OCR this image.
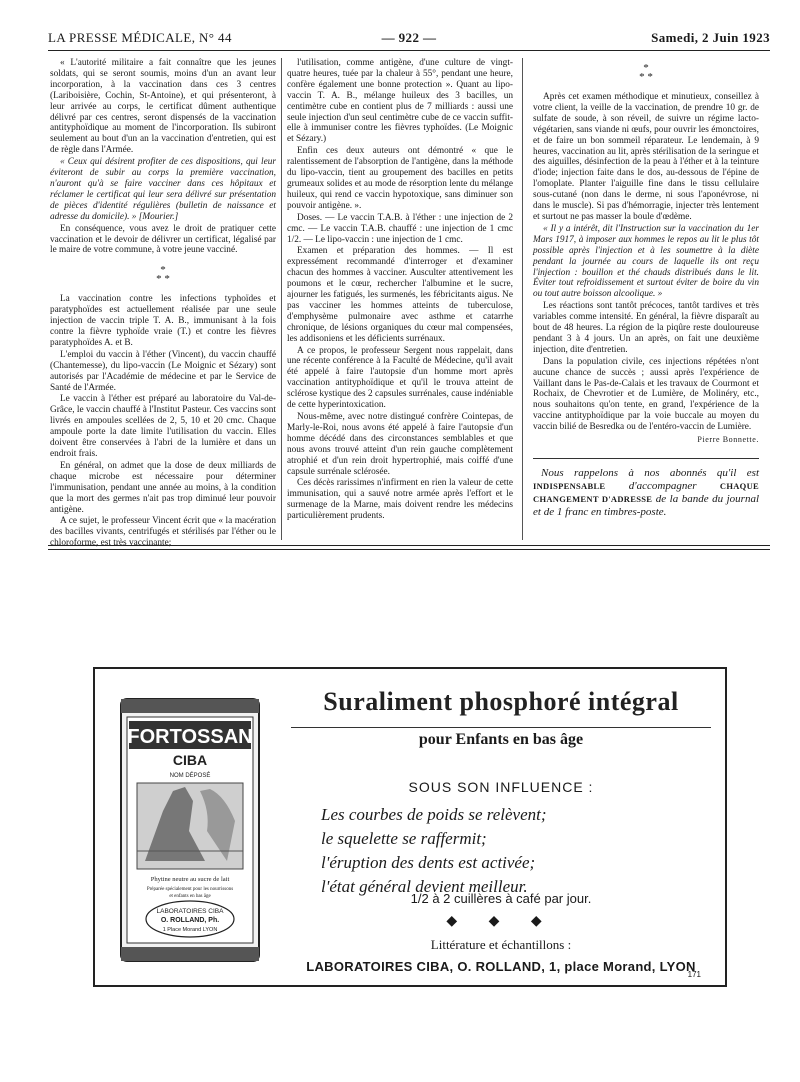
LA PRESSE MÉDICALE, N° 44	— 922 —	Samedi, 2 Juin 1923

« L'autorité militaire a fait connaître que les jeunes soldats, qui se seront soumis, moins d'un an avant leur incorporation, à la vaccination dans ces 3 centres (Lariboisière, Cochin, St-Antoine), et qui présenteront, à leur arrivée au corps, le certificat dûment authentique délivré par ces centres, seront dispensés de la vaccination antityphoïdique au moment de l'incorporation. Ils subiront seulement au bout d'un an la vaccination d'entretien, qui est de règle dans l'Armée.

« Ceux qui désirent profiter de ces dispositions, qui leur éviteront de subir au corps la première vaccination, n'auront qu'à se faire vacciner dans ces hôpitaux et réclamer le certificat qui leur sera délivré sur présentation de pièces d'identité régulières (bulletin de naissance et adresse du domicile). » [Mourier.]

En conséquence, vous avez le droit de pratiquer cette vaccination et le devoir de délivrer un certificat, légalisé par le maire de votre commune, à votre jeune vacciné.

*
* *

La vaccination contre les infections typhoïdes et paratyphoïdes est actuellement réalisée par une seule injection de vaccin triple T. A. B., immunisant à la fois contre la fièvre typhoïde vraie (T.) et contre les fièvres paratyphoïdes A. et B.

L'emploi du vaccin à l'éther (Vincent), du vaccin chauffé (Chantemesse), du lipo-vaccin (Le Moignic et Sézary) sont autorisés par l'Académie de médecine et par le Service de Santé de l'Armée.

Le vaccin à l'éther est préparé au laboratoire du Val-de-Grâce, le vaccin chauffé à l'Institut Pasteur. Ces vaccins sont livrés en ampoules scellées de 2, 5, 10 et 20 cmc. Chaque ampoule porte la date limite l'utilisation du vaccin. Elles doivent être conservées à l'abri de la lumière et dans un endroit frais.

En général, on admet que la dose de deux milliards de chaque microbe est nécessaire pour déterminer l'immunisation, pendant une année au moins, à la condition que la mort des germes n'ait pas trop diminué leur pouvoir antigène.

A ce sujet, le professeur Vincent écrit que « la macération des bacilles vivants, centrifugés et stérilisés par l'éther ou le chloroforme, est très vaccinante;

l'utilisation, comme antigène, d'une culture de vingt-quatre heures, tuée par la chaleur à 55°, pendant une heure, confère également une bonne protection ». Quant au lipo-vaccin T. A. B., mélange huileux des 3 bacilles, un centimètre cube en contient plus de 7 milliards : aussi une seule injection d'un seul centimètre cube de ce vaccin suffit-elle à immuniser contre les fièvres typhoïdes. (Le Moignic et Sézary.)

Enfin ces deux auteurs ont démontré « que le ralentissement de l'absorption de l'antigène, dans la méthode du lipo-vaccin, tient au groupement des bacilles en petits grumeaux solides et au mode de résorption lente du mélange huileux, qui rend ce vaccin hypotoxique, sans diminuer son pouvoir antigène. ».

Doses. — Le vaccin T.A.B. à l'éther : une injection de 2 cmc. — Le vaccin T.A.B. chauffé : une injection de 1 cmc 1/2. — Le lipo-vaccin : une injection de 1 cmc.

Examen et préparation des hommes. — Il est expressément recommandé d'interroger et d'examiner chacun des hommes à vacciner. Ausculter attentivement les poumons et le cœur, rechercher l'albumine et le sucre, ajourner les fatigués, les surmenés, les fébricitants aigus. Ne pas vacciner les hommes atteints de tuberculose, d'emphysème pulmonaire avec asthme et catarrhe chronique, de lésions organiques du cœur mal compensées, les addisoniens et les déficients surrénaux.

A ce propos, le professeur Sergent nous rappelait, dans une récente conférence à la Faculté de Médecine, qu'il avait été appelé à faire l'autopsie d'un homme mort après vaccination antityphoïdique et qu'il le trouva atteint de sclérose kystique des 2 capsules surrénales, cause indéniable de cette hyperintoxication.

Nous-même, avec notre distingué confrère Cointepas, de Marly-le-Roi, nous avons été appelé à faire l'autopsie d'un homme décédé dans des circonstances semblables et que nous avons trouvé atteint d'un rein gauche complètement atrophié et d'un rein droit hypertrophié, mais coiffé d'une capsule surrénale sclérosée.

Ces décès rarissimes n'infirment en rien la valeur de cette immunisation, qui a sauvé notre armée après l'effort et le surmenage de la Marne, mais doivent rendre les médecins particulièrement prudents.

*
* *

Après cet examen méthodique et minutieux, conseillez à votre client, la veille de la vaccination, de prendre 10 gr. de sulfate de soude, à son réveil, de suivre un régime lacto-végétarien, sans viande ni œufs, pour ouvrir les émonctoires, et de faire un bon sommeil réparateur. Le lendemain, à 9 heures, vaccination au lit, après stérilisation de la seringue et des aiguilles, désinfection de la peau à l'éther et à la teinture d'iode; injection faite dans le dos, au-dessous de l'épine de l'omoplate. Planter l'aiguille fine dans le tissu cellulaire sous-cutané (non dans le derme, ni sous l'aponévrose, ni dans le muscle). Si pas d'hémorragie, injecter très lentement et surtout ne pas masser la boule d'œdème.

« Il y a intérêt, dit l'Instruction sur la vaccination du 1er Mars 1917, à imposer aux hommes le repos au lit le plus tôt possible après l'injection et à les soumettre à la diète pendant la journée au cours de laquelle ils ont reçu l'injection : bouillon et thé chauds distribués dans le lit. Éviter tout refroidissement et surtout éviter de boire du vin ou tout autre boisson alcoolique. »

Les réactions sont tantôt précoces, tantôt tardives et très variables comme intensité. En général, la fièvre disparaît au bout de 48 heures. La région de la piqûre reste douloureuse pendant 3 à 4 jours. Un an après, on fait une deuxième injection, dite d'entretien.

Dans la population civile, ces injections répétées n'ont aucune chance de succès ; aussi après l'expérience de Vaillant dans le Pas-de-Calais et les travaux de Courmont et Rochaix, de Chevrotier et de Lumière, de Molinéry, etc., nous souhaitons qu'on tente, en grand, l'expérience de la vaccine antityphoïdique par la voie buccale au moyen du vaccin bilié de Besredka ou de l'entéro-vaccin de Lumière.

Pierre Bonnette.
Nous rappelons à nos abonnés qu'il est INDISPENSABLE d'accompagner	CHAQUE CHANGEMENT D'ADRESSE de la bande du journal et de 1 franc en timbres-poste.
FORTOSSAN
CIBA
NOM DÉPOSÉ
Phytine neutre au sucre de lait
Préparée spécialement pour les nourrissons
et enfants en bas âge
LABORATOIRES CIBA
O. ROLLAND, Ph.
1 Place Morand LYON
Suraliment phosphoré intégral
pour Enfants en bas âge
SOUS SON INFLUENCE :
Les courbes de poids se relèvent;
le squelette se raffermit;
l'éruption des dents est activée;
l'état général devient meilleur.
1/2 à 2 cuillères à café par jour.
◆ ◆ ◆
Littérature et échantillons :
LABORATOIRES CIBA, O. ROLLAND, 1, place Morand, LYON
171
